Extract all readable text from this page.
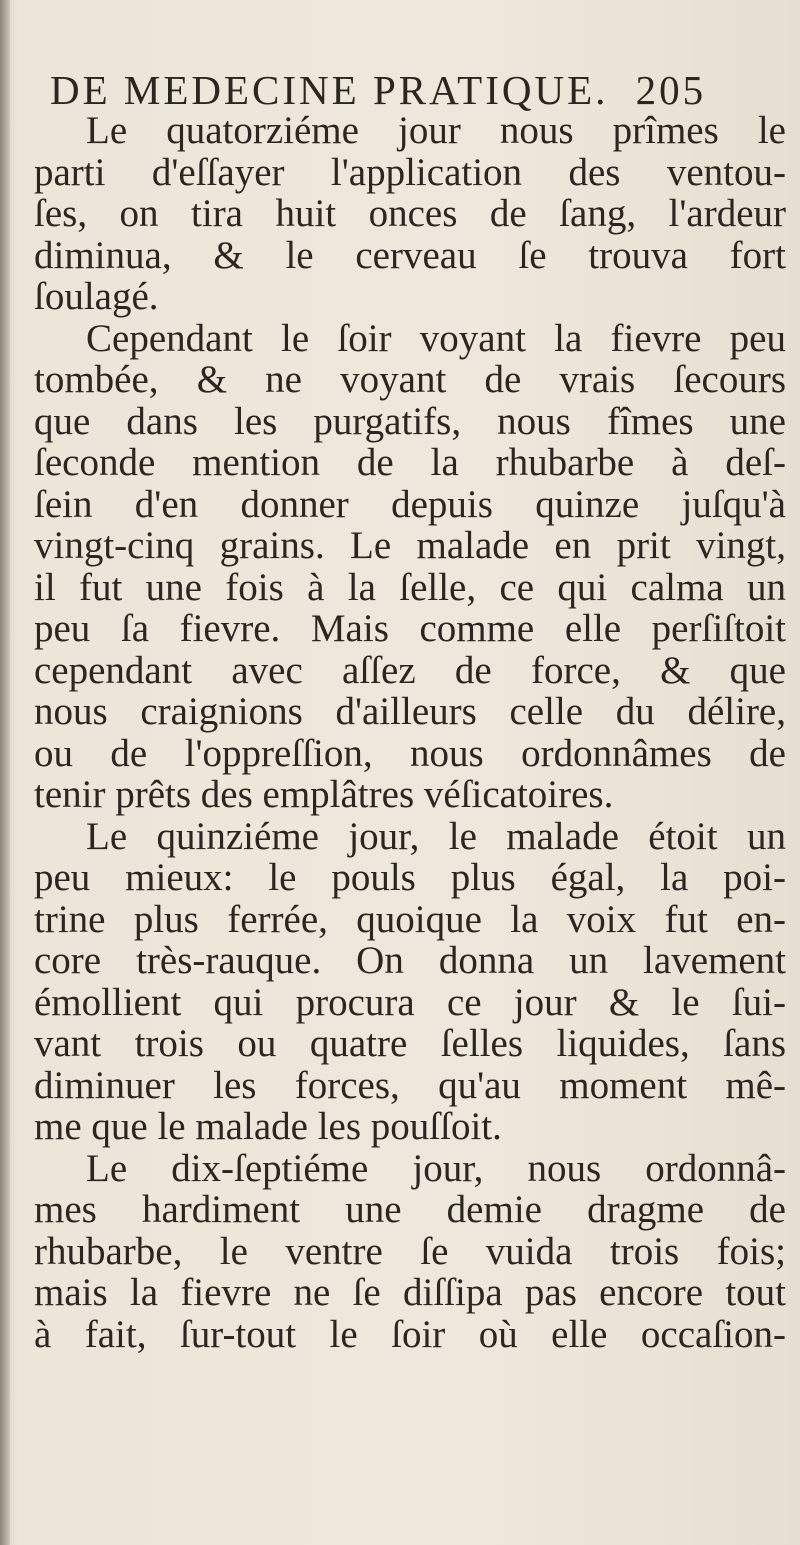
DE MEDECINE PRATIQUE. 205
Le quatorziéme jour nous prîmes le
parti d'eſſayer l'application des ventou-
ſes, on tira huit onces de ſang, l'ardeur
diminua, & le cerveau ſe trouva fort
ſoulagé.
Cependant le ſoir voyant la fievre peu
tombée, & ne voyant de vrais ſecours
que dans les purgatifs, nous fîmes une
ſeconde mention de la rhubarbe à deſ-
ſein d'en donner depuis quinze juſqu'à
vingt-cinq grains. Le malade en prit vingt,
il fut une fois à la ſelle, ce qui calma un
peu ſa fievre. Mais comme elle perſiſtoit
cependant avec aſſez de force, & que
nous craignions d'ailleurs celle du délire,
ou de l'oppreſſion, nous ordonnâmes de
tenir prêts des emplâtres véſicatoires.
Le quinziéme jour, le malade étoit un
peu mieux: le pouls plus égal, la poi-
trine plus ferrée, quoique la voix fut en-
core très-rauque. On donna un lavement
émollient qui procura ce jour & le ſui-
vant trois ou quatre ſelles liquides, ſans
diminuer les forces, qu'au moment mê-
me que le malade les pouſſoit.
Le dix-ſeptiéme jour, nous ordonnâ-
mes hardiment une demie dragme de
rhubarbe, le ventre ſe vuida trois fois;
mais la fievre ne ſe diſſipa pas encore tout
à fait, ſur-tout le ſoir où elle occaſion-
